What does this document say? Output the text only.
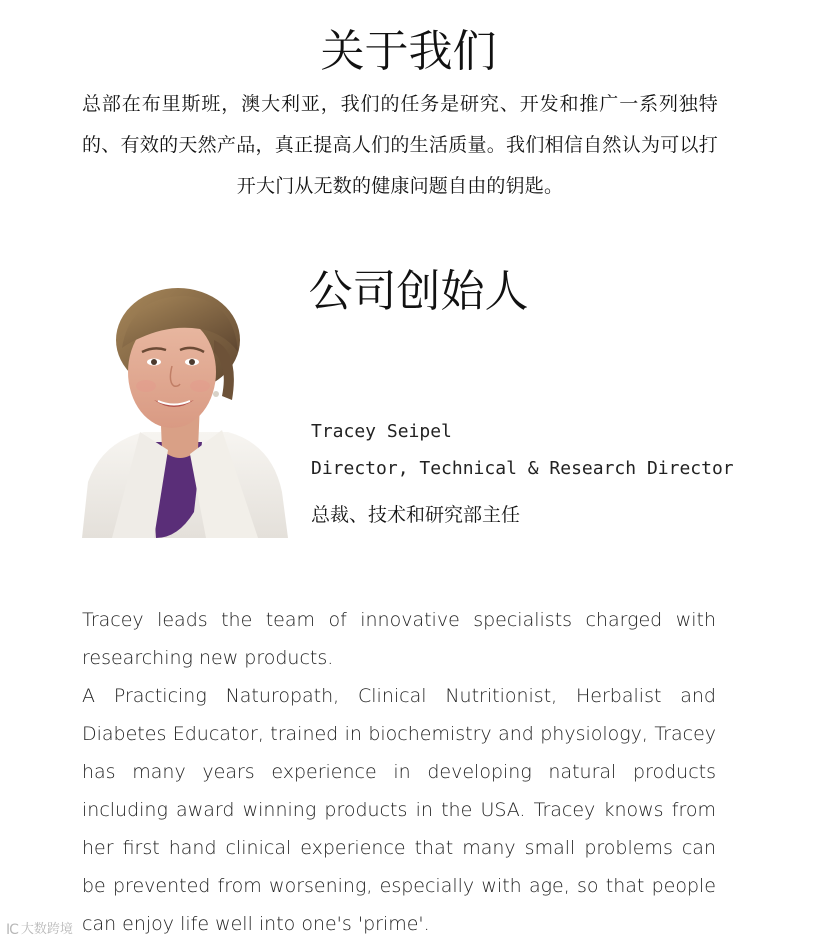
关于我们

总部在布里斯班，澳大利亚，我们的任务是研究、开发和推广一系列独特的、有效的天然产品，真正提高人们的生活质量。我们相信自然认为可以打开大门从无数的健康问题自由的钥匙。

公司创始人

Tracey Seipel

Director, Technical & Research Director

总裁、技术和研究部主任

Tracey leads the team of innovative specialists charged with researching new products.
A Practicing Naturopath, Clinical Nutritionist, Herbalist and Diabetes Educator, trained in biochemistry and physiology, Tracey has many years experience in developing natural products including award winning products in the USA. Tracey knows from her first hand clinical experience that many small problems can be prevented from worsening, especially with age, so that people can enjoy life well into one's 'prime'.
IC 大数跨境
